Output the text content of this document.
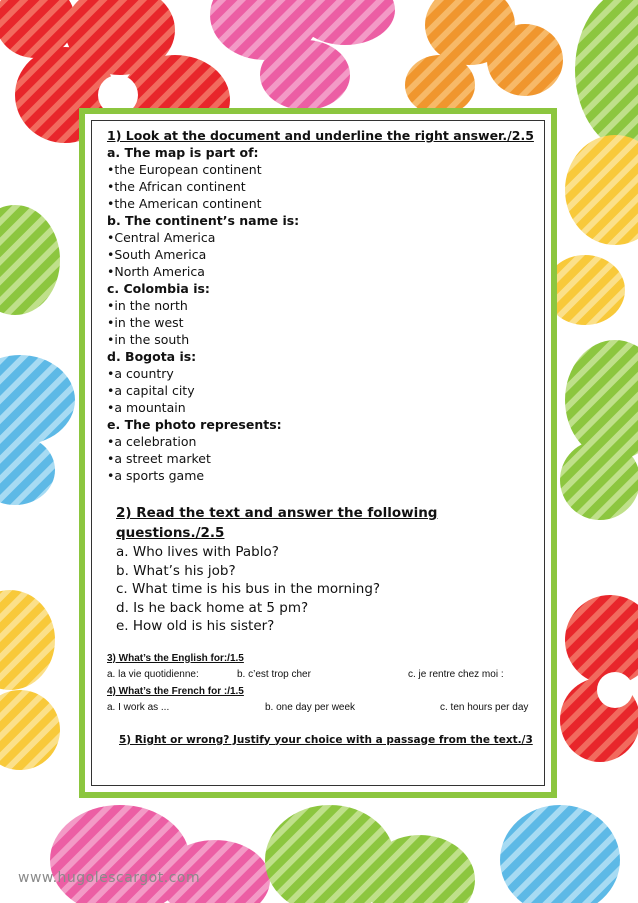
1) Look at the document and underline the right answer./2.5

a. The map is part of:

•the European continent

•the African continent

•the American continent

b. The continent’s name is:

•Central America

•South America

•North America

c. Colombia is:

•in the north

•in the west

•in the south

d. Bogota is:

•a country

•a capital city

•a mountain

e. The photo represents:

•a celebration

•a street market

•a sports game

2) Read the text and answer the following questions./2.5

a. Who lives with Pablo?

b. What’s his job?

c. What time is his bus in the morning?

d. Is he back home at 5 pm?

e. How old is his sister?

3) What’s the English for:/1.5
a. la vie quotidienne:	b. c’est trop cher	c. je rentre chez moi :
4) What’s the French for :/1.5
a. I work as ...	b. one day per week	c. ten hours per day
5) Right or wrong? Justify your choice with a passage from the text./3
www.hugolescargot.com
